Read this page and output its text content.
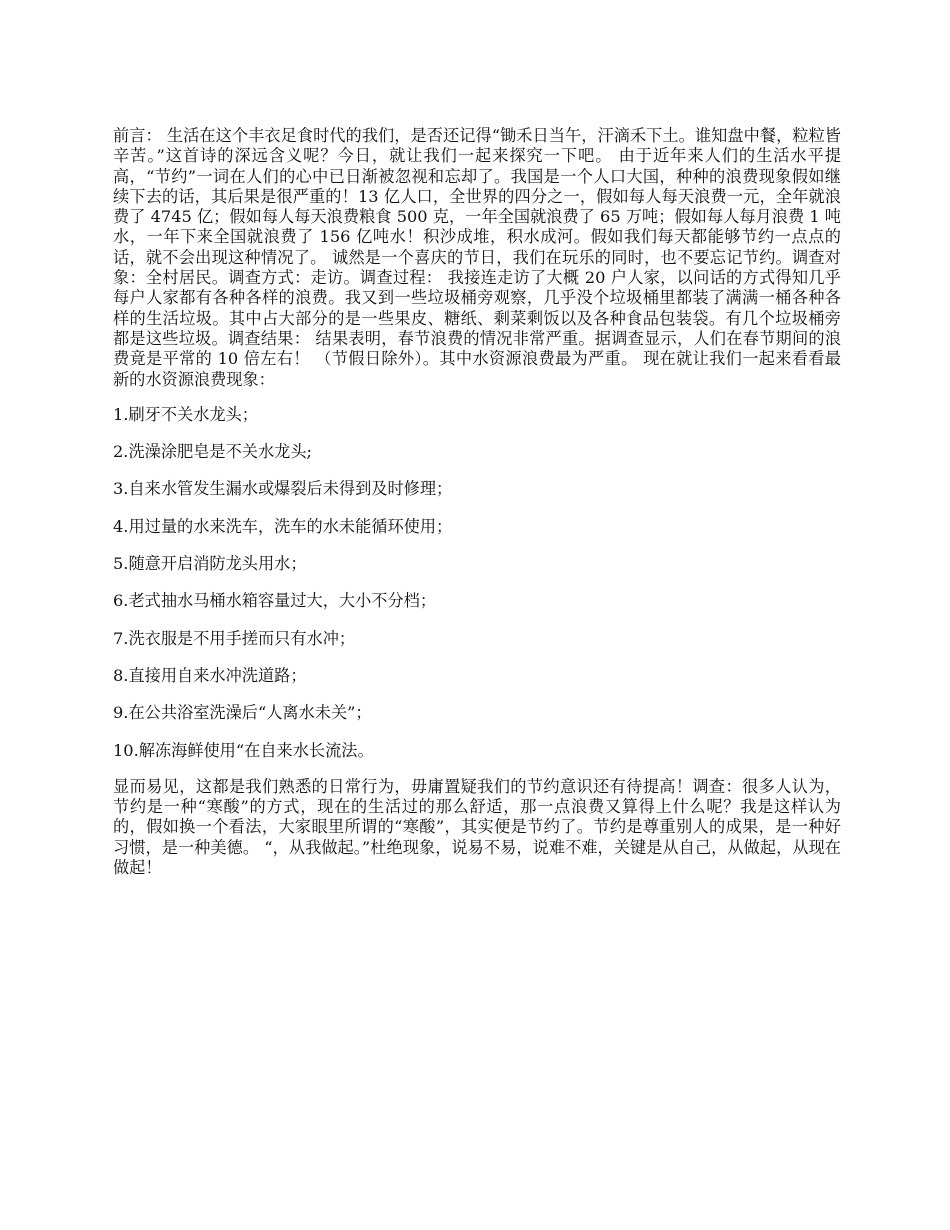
前言： 生活在这个丰衣足食时代的我们，是否还记得“锄禾日当午，汗滴禾下土。谁知盘中餐，粒粒皆辛苦。”这首诗的深远含义呢？今日，就让我们一起来探究一下吧。 由于近年来人们的生活水平提高，“节约”一词在人们的心中已日渐被忽视和忘却了。我国是一个人口大国，种种的浪费现象假如继续下去的话，其后果是很严重的！13 亿人口，全世界的四分之一，假如每人每天浪费一元，全年就浪费了 4745 亿；假如每人每天浪费粮食 500 克，一年全国就浪费了 65 万吨；假如每人每月浪费 1 吨水，一年下来全国就浪费了 156 亿吨水！积沙成堆，积水成河。假如我们每天都能够节约一点点的话，就不会出现这种情况了。 诚然是一个喜庆的节日，我们在玩乐的同时，也不要忘记节约。调查对象：全村居民。调查方式：走访。调查过程： 我接连走访了大概 20 户人家，以问话的方式得知几乎每户人家都有各种各样的浪费。我又到一些垃圾桶旁观察，几乎没个垃圾桶里都装了满满一桶各种各样的生活垃圾。其中占大部分的是一些果皮、糖纸、剩菜剩饭以及各种食品包装袋。有几个垃圾桶旁都是这些垃圾。调查结果： 结果表明，春节浪费的情况非常严重。据调查显示，人们在春节期间的浪费竟是平常的 10 倍左右！ （节假日除外）。其中水资源浪费最为严重。 现在就让我们一起来看看最新的水资源浪费现象：

1.刷牙不关水龙头；
2.洗澡涂肥皂是不关水龙头;
3.自来水管发生漏水或爆裂后未得到及时修理；
4.用过量的水来洗车，洗车的水未能循环使用；
5.随意开启消防龙头用水；
6.老式抽水马桶水箱容量过大，大小不分档；
7.洗衣服是不用手搓而只有水冲；
8.直接用自来水冲洗道路；
9.在公共浴室洗澡后“人离水未关”；
10.解冻海鲜使用“在自来水长流法。

显而易见，这都是我们熟悉的日常行为，毋庸置疑我们的节约意识还有待提高！调查：很多人认为，节约是一种“寒酸”的方式，现在的生活过的那么舒适，那一点浪费又算得上什么呢？我是这样认为的，假如换一个看法，大家眼里所谓的“寒酸”，其实便是节约了。节约是尊重别人的成果，是一种好习惯，是一种美德。 “，从我做起。”杜绝现象，说易不易，说难不难，关键是从自己，从做起，从现在做起！
